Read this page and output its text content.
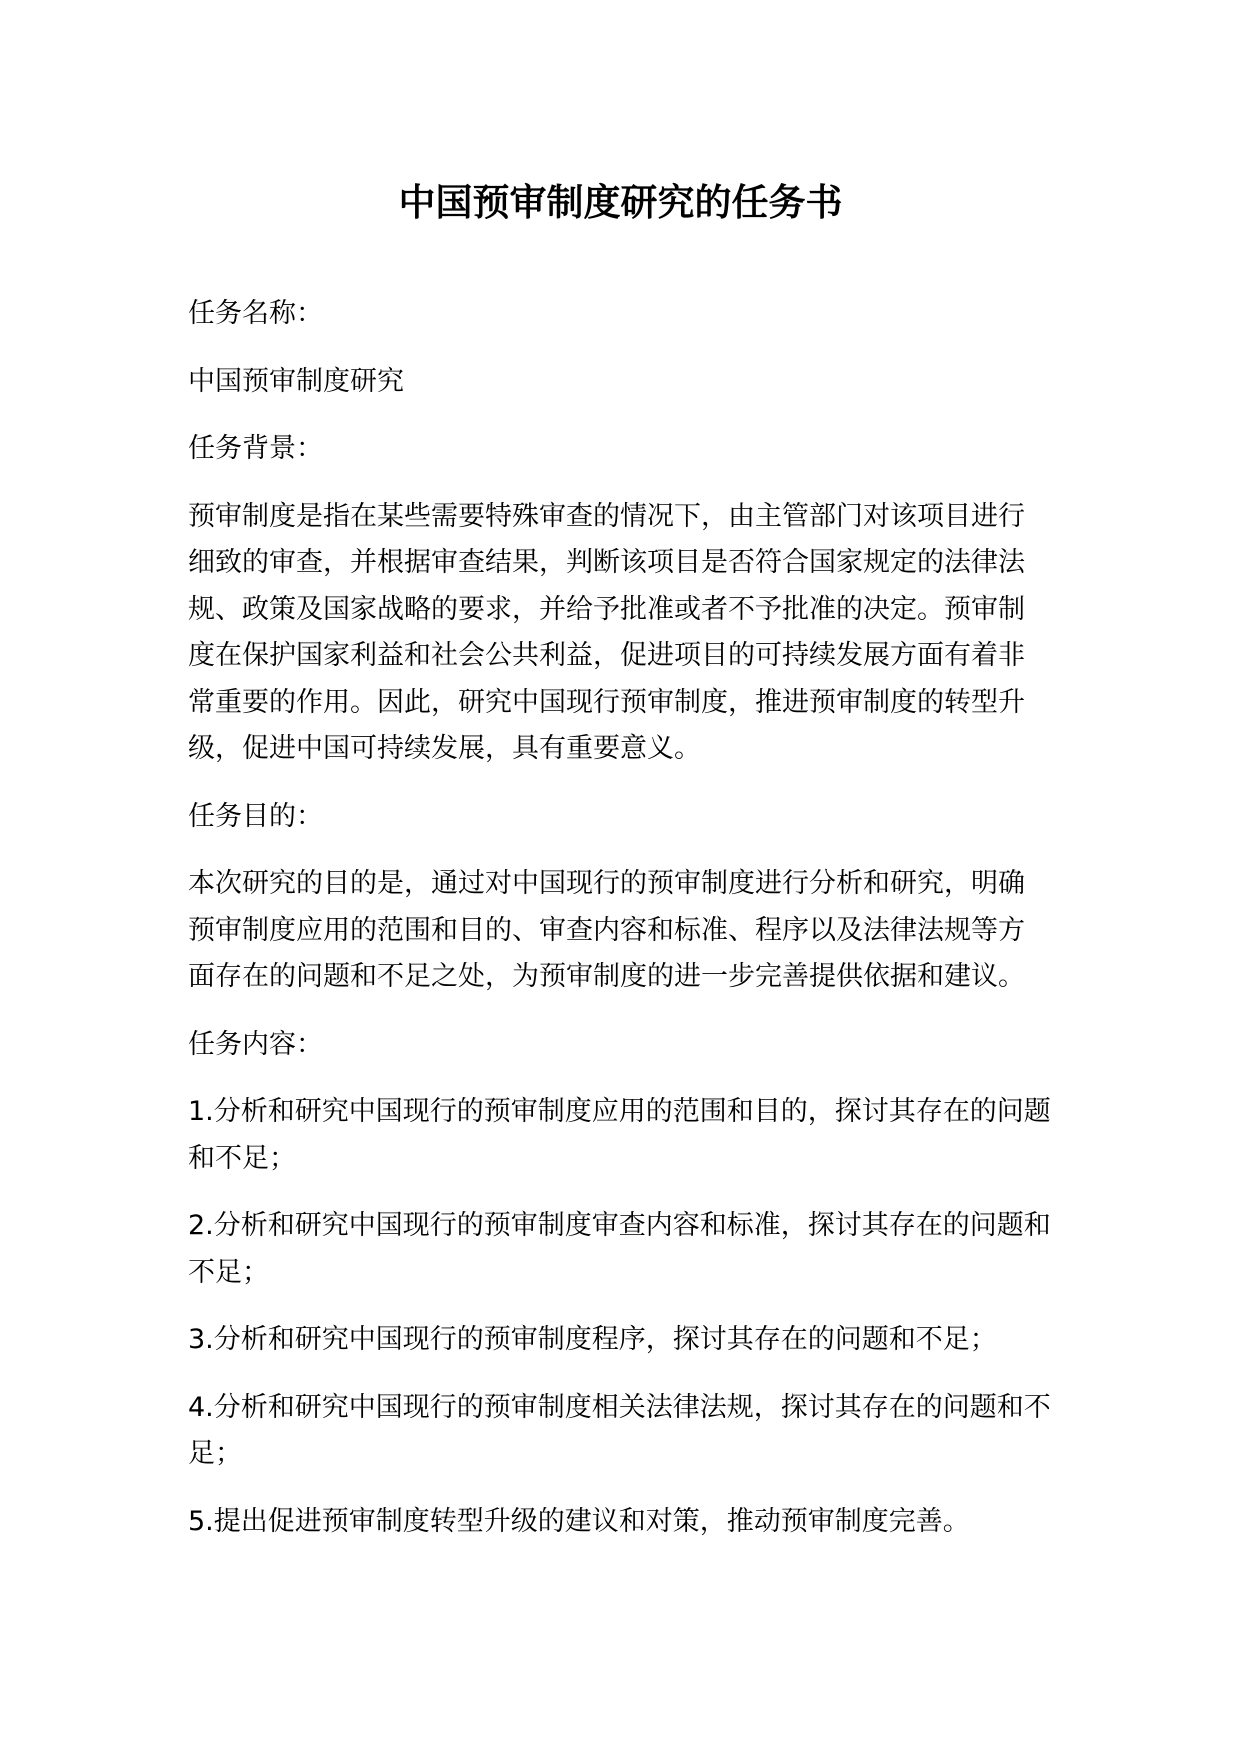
中国预审制度研究的任务书
任务名称：
中国预审制度研究
任务背景：
预审制度是指在某些需要特殊审查的情况下，由主管部门对该项目进行
细致的审查，并根据审查结果，判断该项目是否符合国家规定的法律法
规、政策及国家战略的要求，并给予批准或者不予批准的决定。预审制
度在保护国家利益和社会公共利益，促进项目的可持续发展方面有着非
常重要的作用。因此，研究中国现行预审制度，推进预审制度的转型升
级，促进中国可持续发展，具有重要意义。
任务目的：
本次研究的目的是，通过对中国现行的预审制度进行分析和研究，明确
预审制度应用的范围和目的、审查内容和标准、程序以及法律法规等方
面存在的问题和不足之处，为预审制度的进一步完善提供依据和建议。
任务内容：
1.分析和研究中国现行的预审制度应用的范围和目的，探讨其存在的问题
和不足；
2.分析和研究中国现行的预审制度审查内容和标准，探讨其存在的问题和
不足；
3.分析和研究中国现行的预审制度程序，探讨其存在的问题和不足；
4.分析和研究中国现行的预审制度相关法律法规，探讨其存在的问题和不
足；
5.提出促进预审制度转型升级的建议和对策，推动预审制度完善。
